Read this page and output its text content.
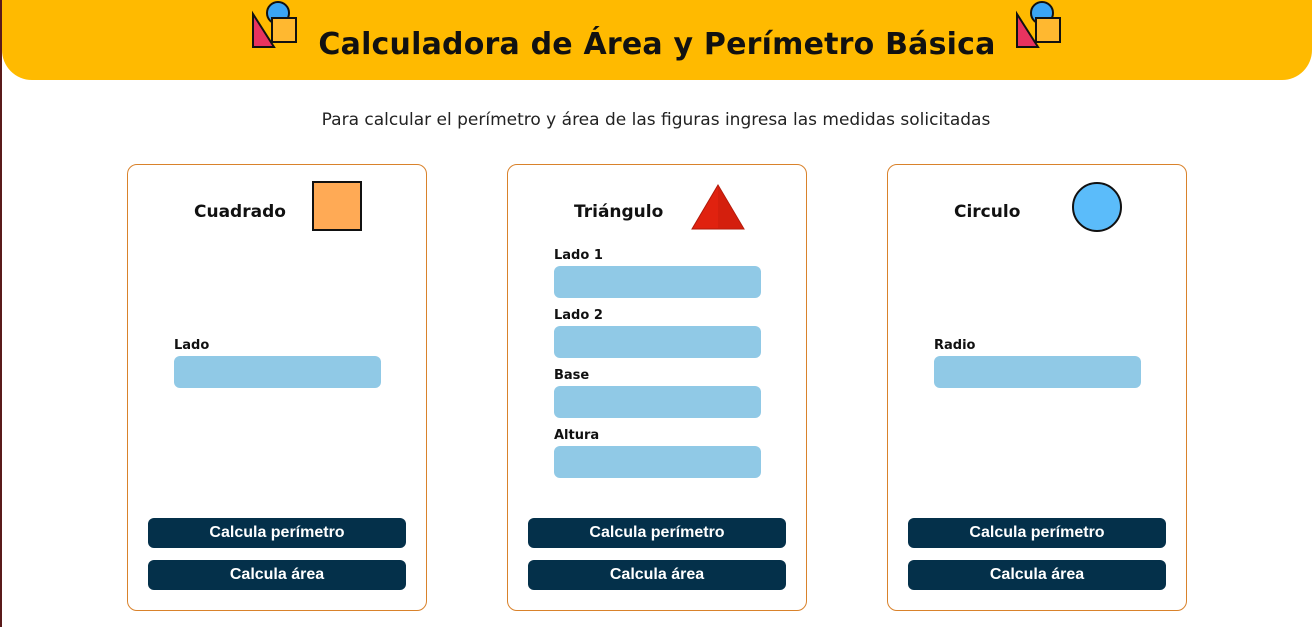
Calculadora de Área y Perímetro Básica

Para calcular el perímetro y área de las figuras ingresa las medidas solicitadas

Cuadrado
Lado
Calcula perímetro
Calcula área
Triángulo
Lado 1
Lado 2
Base
Altura
Calcula perímetro
Calcula área
Circulo
Radio
Calcula perímetro
Calcula área
